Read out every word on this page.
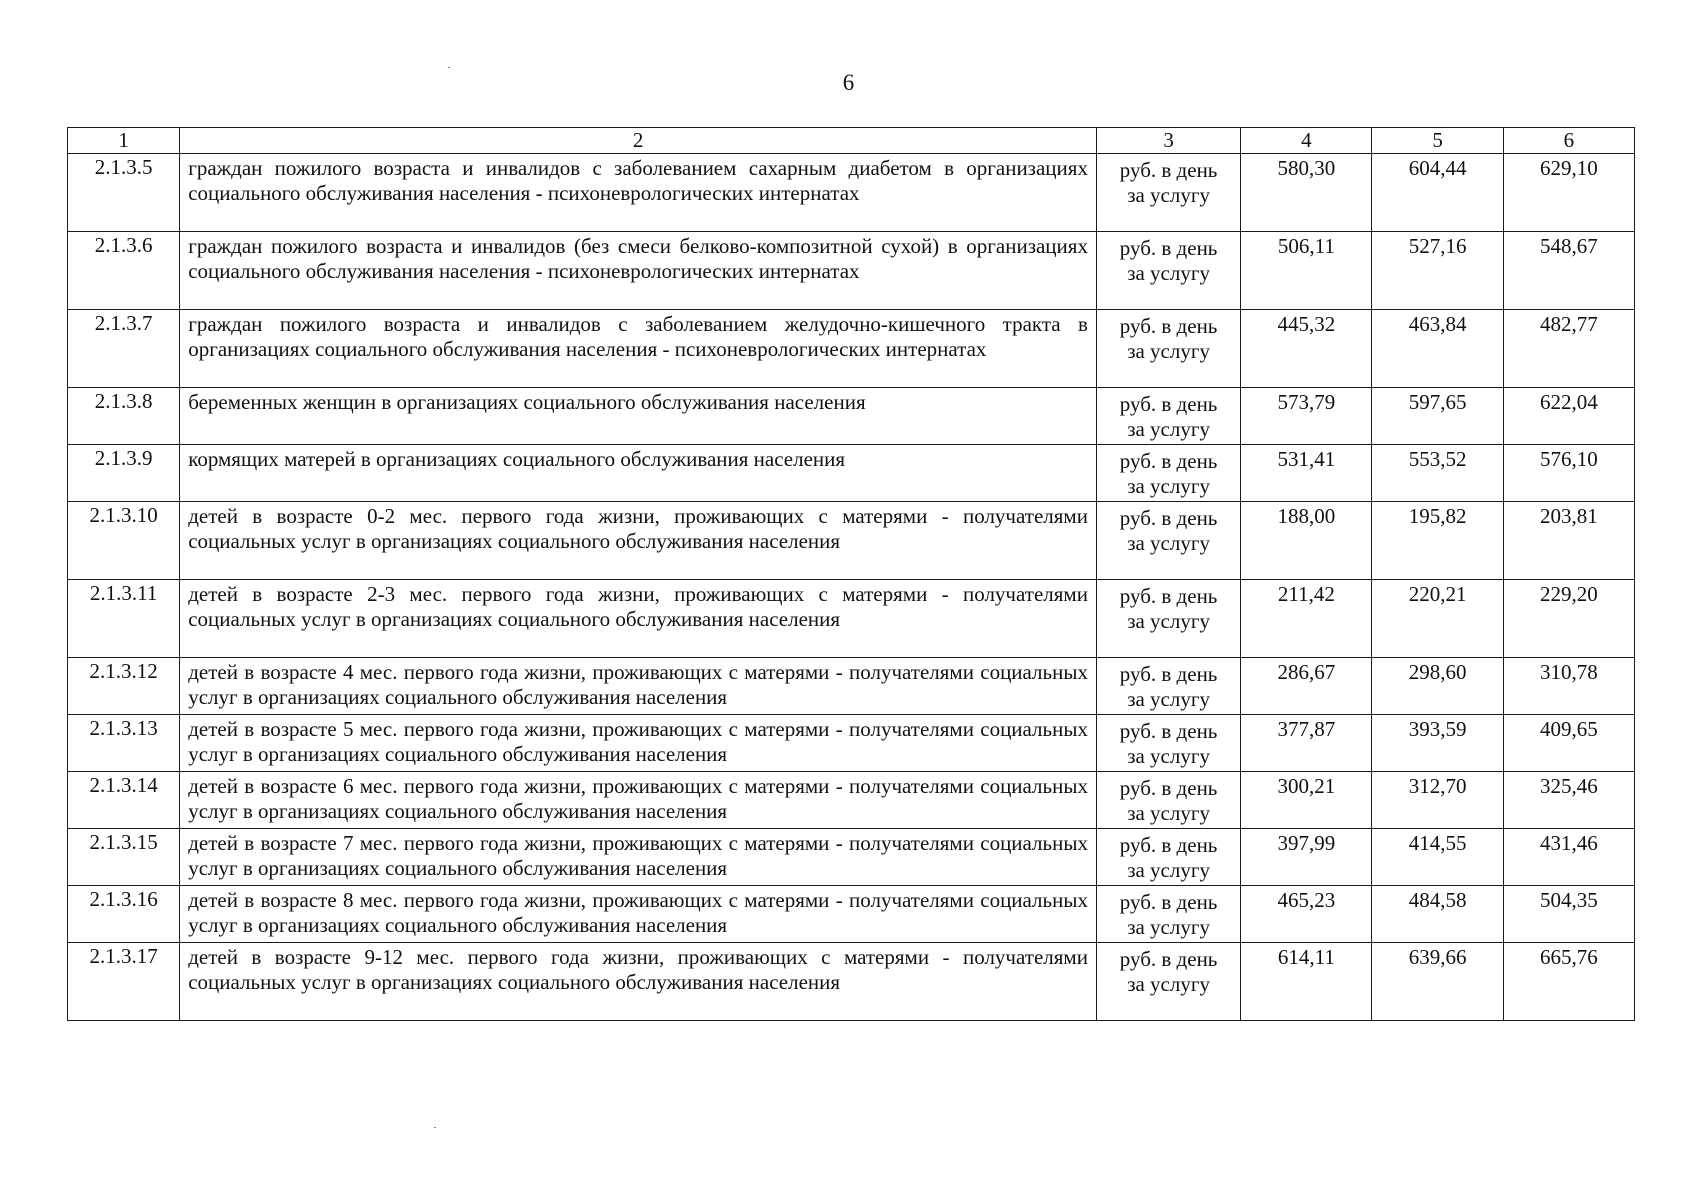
6
1	2	3	4	5	6
2.1.3.5	граждан пожилого возраста и инвалидов с заболеванием сахарным диабетом в организациях социального обслуживания населения - психоневрологических интернатах	руб. в день
за услугу	580,30	604,44	629,10
2.1.3.6	граждан пожилого возраста и инвалидов (без смеси белково-композитной сухой) в организациях социального обслуживания населения - психоневрологических интернатах	руб. в день
за услугу	506,11	527,16	548,67
2.1.3.7	граждан пожилого возраста и инвалидов с заболеванием желудочно-кишечного тракта в организациях социального обслуживания населения - психоневрологических интернатах	руб. в день
за услугу	445,32	463,84	482,77
2.1.3.8	беременных женщин в организациях социального обслуживания населения	руб. в день
за услугу	573,79	597,65	622,04
2.1.3.9	кормящих матерей в организациях социального обслуживания населения	руб. в день
за услугу	531,41	553,52	576,10
2.1.3.10	детей в возрасте 0-2 мес. первого года жизни, проживающих с матерями - получателями социальных услуг в организациях социального обслуживания населения	руб. в день
за услугу	188,00	195,82	203,81
2.1.3.11	детей в возрасте 2-3 мес. первого года жизни, проживающих с матерями - получателями социальных услуг в организациях социального обслуживания населения	руб. в день
за услугу	211,42	220,21	229,20
2.1.3.12	детей в возрасте 4 мес. первого года жизни, проживающих с матерями - получателями социальных услуг в организациях социального обслуживания населения	руб. в день
за услугу	286,67	298,60	310,78
2.1.3.13	детей в возрасте 5 мес. первого года жизни, проживающих с матерями - получателями социальных услуг в организациях социального обслуживания населения	руб. в день
за услугу	377,87	393,59	409,65
2.1.3.14	детей в возрасте 6 мес. первого года жизни, проживающих с матерями - получателями социальных услуг в организациях социального обслуживания населения	руб. в день
за услугу	300,21	312,70	325,46
2.1.3.15	детей в возрасте 7 мес. первого года жизни, проживающих с матерями - получателями социальных услуг в организациях социального обслуживания населения	руб. в день
за услугу	397,99	414,55	431,46
2.1.3.16	детей в возрасте 8 мес. первого года жизни, проживающих с матерями - получателями социальных услуг в организациях социального обслуживания населения	руб. в день
за услугу	465,23	484,58	504,35
2.1.3.17	детей в возрасте 9-12 мес. первого года жизни, проживающих с матерями - получателями социальных услуг в организациях социального обслуживания населения	руб. в день
за услугу	614,11	639,66	665,76
